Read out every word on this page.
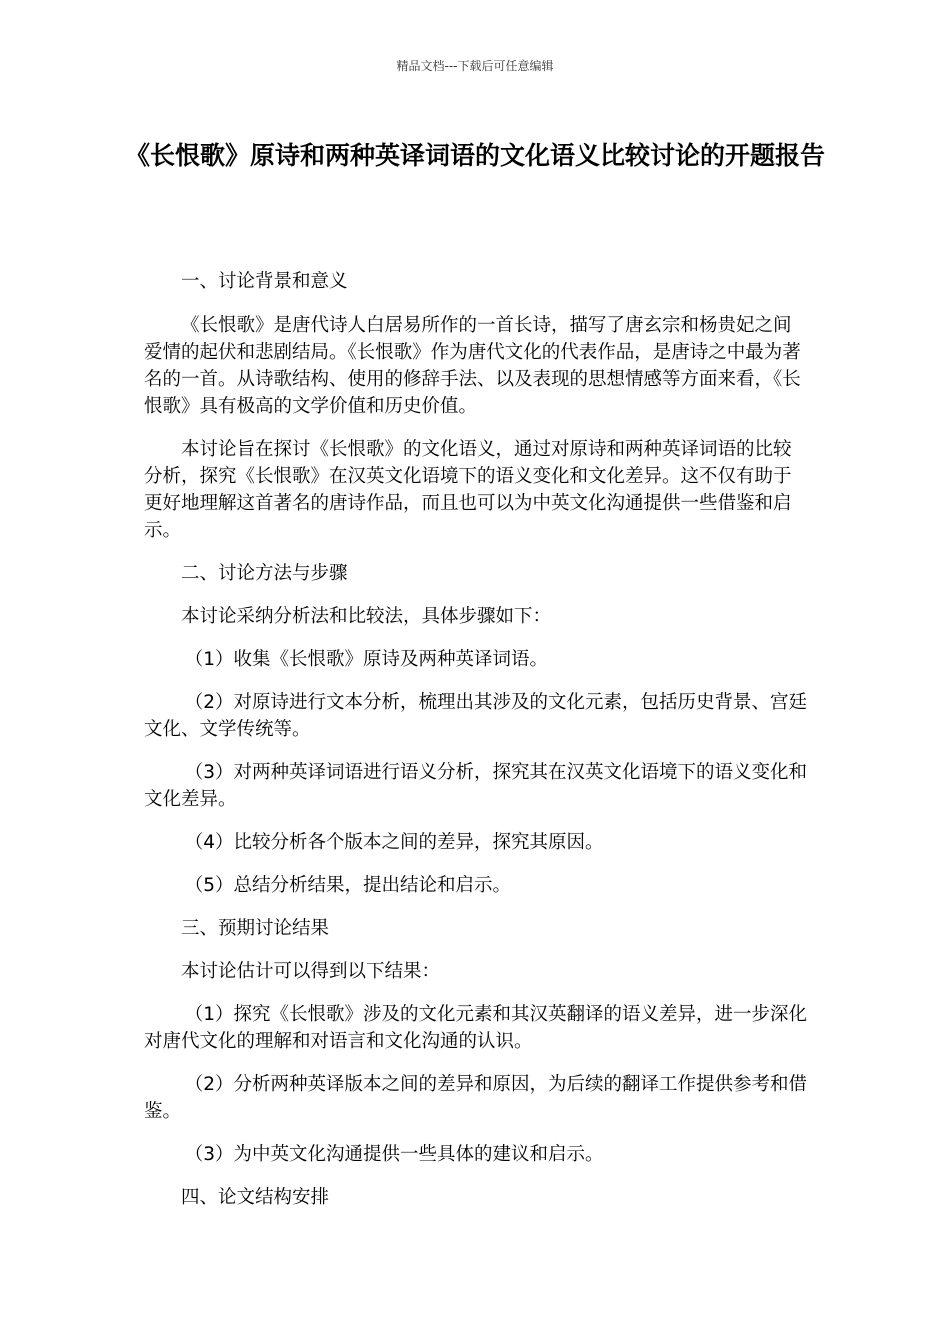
精品文档---下载后可任意编辑
《长恨歌》原诗和两种英译词语的文化语义比较讨论的开题报告

一、讨论背景和意义

《长恨歌》是唐代诗人白居易所作的一首长诗，描写了唐玄宗和杨贵妃之间爱情的起伏和悲剧结局。《长恨歌》作为唐代文化的代表作品，是唐诗之中最为著名的一首。从诗歌结构、使用的修辞手法、以及表现的思想情感等方面来看，《长恨歌》具有极高的文学价值和历史价值。

本讨论旨在探讨《长恨歌》的文化语义，通过对原诗和两种英译词语的比较分析，探究《长恨歌》在汉英文化语境下的语义变化和文化差异。这不仅有助于更好地理解这首著名的唐诗作品，而且也可以为中英文化沟通提供一些借鉴和启示。

二、讨论方法与步骤

本讨论采纳分析法和比较法，具体步骤如下：

（1）收集《长恨歌》原诗及两种英译词语。

（2）对原诗进行文本分析，梳理出其涉及的文化元素，包括历史背景、宫廷文化、文学传统等。

（3）对两种英译词语进行语义分析，探究其在汉英文化语境下的语义变化和文化差异。

（4）比较分析各个版本之间的差异，探究其原因。

（5）总结分析结果，提出结论和启示。

三、预期讨论结果

本讨论估计可以得到以下结果：

（1）探究《长恨歌》涉及的文化元素和其汉英翻译的语义差异，进一步深化对唐代文化的理解和对语言和文化沟通的认识。

（2）分析两种英译版本之间的差异和原因，为后续的翻译工作提供参考和借鉴。

（3）为中英文化沟通提供一些具体的建议和启示。

四、论文结构安排
